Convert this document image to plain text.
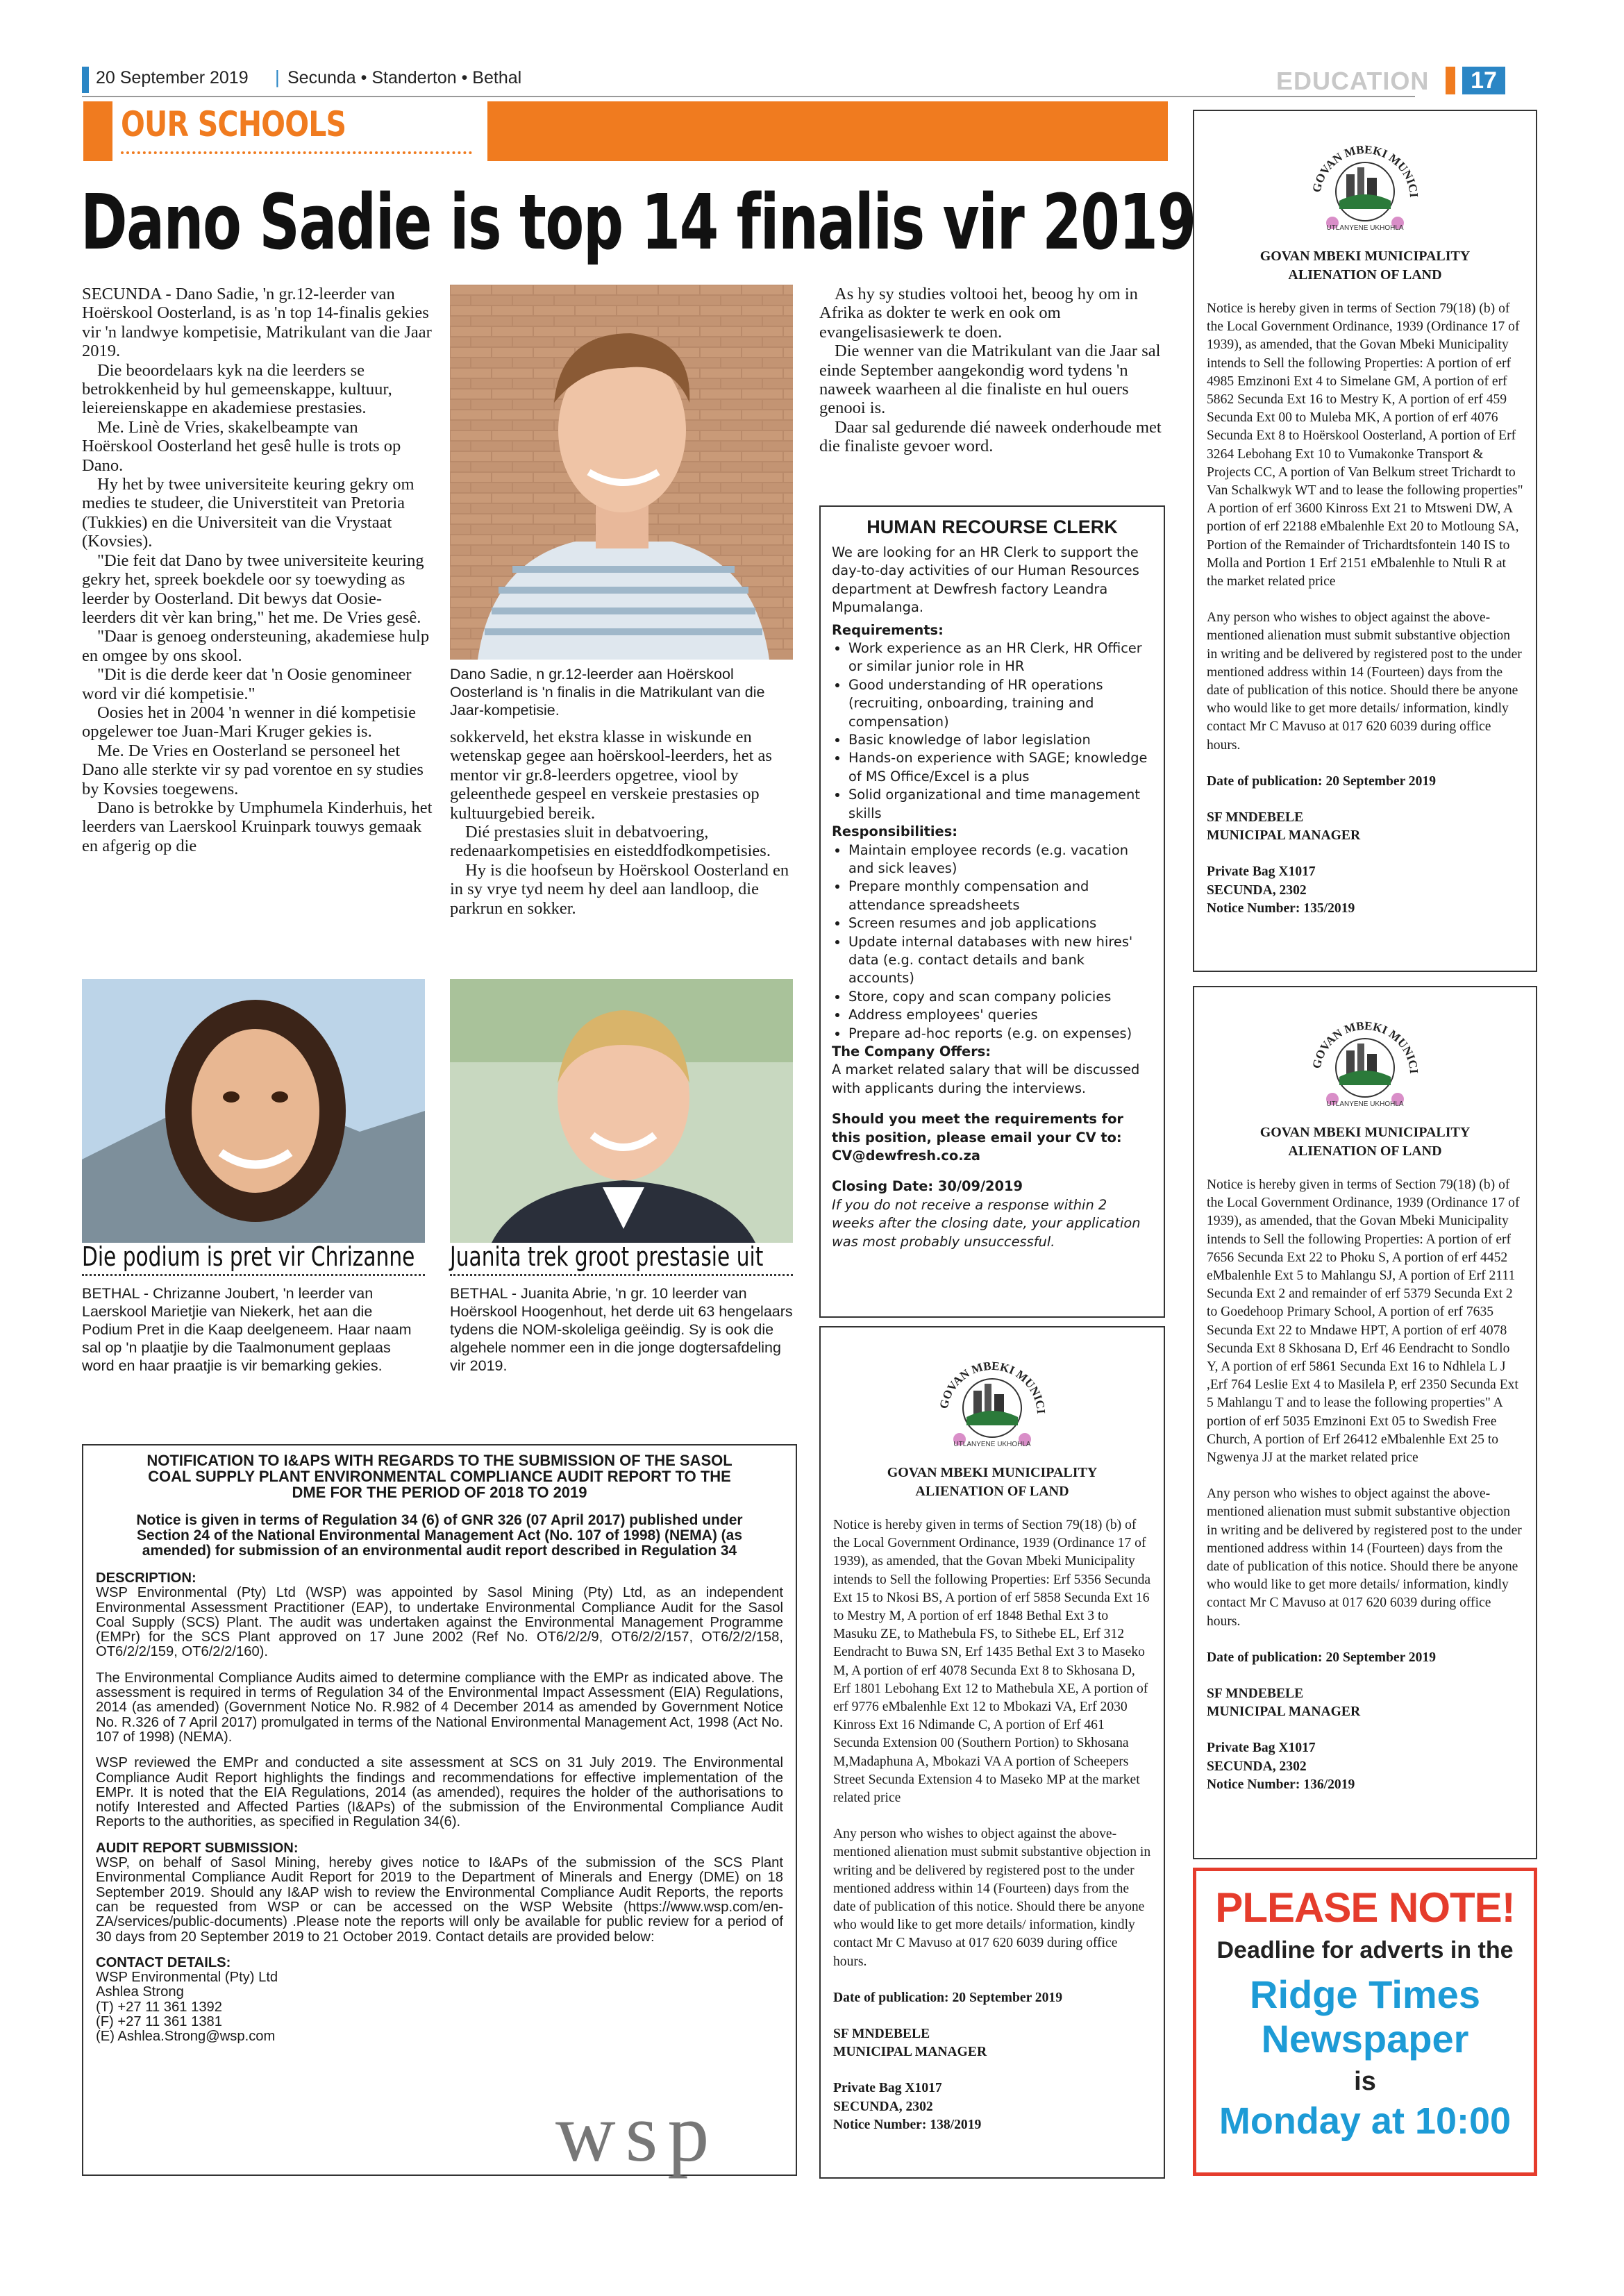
20 September 2019 | Secunda • Standerton • Bethal	EDUCATION	17
OUR SCHOOLS
Dano Sadie is top 14 finalis vir 2019

SECUNDA - Dano Sadie, 'n gr.12-leerder van Hoërskool Oosterland, is as 'n top 14-finalis gekies vir 'n landwye kompetisie, Matrikulant van die Jaar 2019.

Die beoordelaars kyk na die leerders se betrokkenheid by hul gemeenskappe, kultuur, leiereienskappe en akademiese prestasies.

Me. Linè de Vries, skakelbeampte van Hoërskool Oosterland het gesê hulle is trots op Dano.

Hy het by twee universiteite keuring gekry om medies te studeer, die Universtiteit van Pretoria (Tukkies) en die Universiteit van die Vrystaat (Kovsies).

"Die feit dat Dano by twee universiteite keuring gekry het, spreek boekdele oor sy toewyding as leerder by Oosterland. Dit bewys dat Oosie-leerders dit vèr kan bring," het me. De Vries gesê.

"Daar is genoeg ondersteuning, akademiese hulp en omgee by ons skool.

"Dit is die derde keer dat 'n Oosie genomineer word vir dié kompetisie."

Oosies het in 2004 'n wenner in dié kompetisie opgelewer toe Juan-Mari Kruger gekies is.

Me. De Vries en Oosterland se personeel het Dano alle sterkte vir sy pad vorentoe en sy studies by Kovsies toegewens.

Dano is betrokke by Umphumela Kinderhuis, het leerders van Laerskool Kruinpark touwys gemaak en afgerig op die

Dano Sadie, n gr.12-leerder aan Hoërskool Oosterland is 'n finalis in die Matrikulant van die Jaar-kompetisie.

sokkerveld, het ekstra klasse in wiskunde en wetenskap gegee aan hoërskool-leerders, het as mentor vir gr.8-leerders opgetree, viool by geleenthede gespeel en verskeie prestasies op kultuurgebied bereik.

Dié prestasies sluit in debatvoering, redenaarkompetisies en eisteddfodkompetisies.

Hy is die hoofseun by Hoërskool Oosterland en in sy vrye tyd neem hy deel aan landloop, die parkrun en sokker.

As hy sy studies voltooi het, beoog hy om in Afrika as dokter te werk en ook om evangelisasiewerk te doen.

Die wenner van die Matrikulant van die Jaar sal einde September aangekondig word tydens 'n naweek waarheen al die finaliste en hul ouers genooi is.

Daar sal gedurende dié naweek onderhoude met die finaliste gevoer word.

Die podium is pret vir Chrizanne
BETHAL - Chrizanne Joubert, 'n leerder van Laerskool Marietjie van Niekerk, het aan die Podium Pret in die Kaap deelgeneem. Haar naam sal op 'n plaatjie by die Taalmonument geplaas word en haar praatjie is vir bemarking gekies.
Juanita trek groot prestasie uit
BETHAL - Juanita Abrie, 'n gr. 10 leerder van Hoërskool Hoogenhout, het derde uit 63 hengelaars tydens die NOM-skoleliga geëindig. Sy is ook die algehele nommer een in die jonge dogtersafdeling vir 2019.
HUMAN RECOURSE CLERK

We are looking for an HR Clerk to support the day-to-day activities of our Human Resources department at Dewfresh factory Leandra Mpumalanga.

Requirements:

• Work experience as an HR Clerk, HR Officer or similar junior role in HR
• Good understanding of HR operations (recruiting, onboarding, training and compensation)
• Basic knowledge of labor legislation
• Hands-on experience with SAGE; knowledge of MS Office/Excel is a plus
• Solid organizational and time management skills

Responsibilities:

• Maintain employee records (e.g. vacation and sick leaves)
• Prepare monthly compensation and attendance spreadsheets
• Screen resumes and job applications
• Update internal databases with new hires' data (e.g. contact details and bank accounts)
• Store, copy and scan company policies
• Address employees' queries
• Prepare ad-hoc reports (e.g. on expenses)

The Company Offers:

A market related salary that will be discussed with applicants during the interviews.

Should you meet the requirements for this position, please email your CV to: CV@dewfresh.co.za

Closing Date: 30/09/2019

If you do not receive a response within 2 weeks after the closing date, your application was most probably unsuccessful.

GOVAN MBEKI MUNICI
UTLANYENE UKHOHLA
GOVAN MBEKI MUNICIPALITY
ALIENATION OF LAND

Notice is hereby given in terms of Section 79(18) (b) of the Local Government Ordinance, 1939 (Ordinance 17 of 1939), as amended, that the Govan Mbeki Municipality intends to Sell the following Properties: Erf 5356 Secunda Ext 15 to Nkosi BS, A portion of erf 5858 Secunda Ext 16 to Mestry M, A portion of erf 1848 Bethal Ext 3 to Masuku ZE, to Mathebula FS, to Sithebe EL, Erf 312 Eendracht to Buwa SN, Erf 1435 Bethal Ext 3 to Maseko M, A portion of erf 4078 Secunda Ext 8 to Skhosana D, Erf 1801 Lebohang Ext 12 to Mathebula XE, A portion of erf 9776 eMbalenhle Ext 12 to Mbokazi VA, Erf 2030 Kinross Ext 16 Ndimande C, A portion of Erf 461 Secunda Extension 00 (Southern Portion) to Skhosana M,Madaphuna A, Mbokazi VA A portion of Scheepers Street Secunda Extension 4 to Maseko MP at the market related price

Any person who wishes to object against the above-mentioned alienation must submit substantive objection in writing and be delivered by registered post to the under mentioned address within 14 (Fourteen) days from the date of publication of this notice. Should there be anyone who would like to get more details/ information, kindly contact Mr C Mavuso at 017 620 6039 during office hours.

Date of publication: 20 September 2019

SF MNDEBELE

MUNICIPAL MANAGER

Private Bag X1017

SECUNDA, 2302

Notice Number: 138/2019

GOVAN MBEKI MUNICI
UTLANYENE UKHOHLA
GOVAN MBEKI MUNICIPALITY
ALIENATION OF LAND

Notice is hereby given in terms of Section 79(18) (b) of the Local Government Ordinance, 1939 (Ordinance 17 of 1939), as amended, that the Govan Mbeki Municipality intends to Sell the following Properties: A portion of erf 4985 Emzinoni Ext 4 to Simelane GM, A portion of erf 5862 Secunda Ext 16 to Mestry K, A portion of erf 459 Secunda Ext 00 to Muleba MK, A portion of erf 4076 Secunda Ext 8 to Hoërskool Oosterland, A portion of Erf 3264 Lebohang Ext 10 to Vumakonke Transport & Projects CC, A portion of Van Belkum street Trichardt to Van Schalkwyk WT and to lease the following properties" A portion of erf 3600 Kinross Ext 21 to Mtsweni DW, A portion of erf 22188 eMbalenhle Ext 20 to Motloung SA, Portion of the Remainder of Trichardtsfontein 140 IS to Molla and Portion 1 Erf 2151 eMbalenhle to Ntuli R at the market related price

Any person who wishes to object against the above-mentioned alienation must submit substantive objection in writing and be delivered by registered post to the under mentioned address within 14 (Fourteen) days from the date of publication of this notice. Should there be anyone who would like to get more details/ information, kindly contact Mr C Mavuso at 017 620 6039 during office hours.

Date of publication: 20 September 2019

SF MNDEBELE

MUNICIPAL MANAGER

Private Bag X1017

SECUNDA, 2302

Notice Number: 135/2019

GOVAN MBEKI MUNICI
UTLANYENE UKHOHLA
GOVAN MBEKI MUNICIPALITY
ALIENATION OF LAND

Notice is hereby given in terms of Section 79(18) (b) of the Local Government Ordinance, 1939 (Ordinance 17 of 1939), as amended, that the Govan Mbeki Municipality intends to Sell the following Properties: A portion of erf 7656 Secunda Ext 22 to Phoku S, A portion of erf 4452 eMbalenhle Ext 5 to Mahlangu SJ, A portion of Erf 2111 Secunda Ext 2 and remainder of erf 5379 Secunda Ext 2 to Goedehoop Primary School, A portion of erf 7635 Secunda Ext 22 to Mndawe HPT, A portion of erf 4078 Secunda Ext 8 Skhosana D, Erf 46 Eendracht to Sondlo Y, A portion of erf 5861 Secunda Ext 16 to Ndhlela L J ,Erf 764 Leslie Ext 4 to Masilela P, erf 2350 Secunda Ext 5 Mahlangu T and to lease the following properties" A portion of erf 5035 Emzinoni Ext 05 to Swedish Free Church, A portion of Erf 26412 eMbalenhle Ext 25 to Ngwenya JJ at the market related price

Any person who wishes to object against the above-mentioned alienation must submit substantive objection in writing and be delivered by registered post to the under mentioned address within 14 (Fourteen) days from the date of publication of this notice. Should there be anyone who would like to get more details/ information, kindly contact Mr C Mavuso at 017 620 6039 during office hours.

Date of publication: 20 September 2019

SF MNDEBELE

MUNICIPAL MANAGER

Private Bag X1017

SECUNDA, 2302

Notice Number: 136/2019

PLEASE NOTE!
Deadline for adverts in the
Ridge Times
Newspaper
is
Monday at 10:00
NOTIFICATION TO I&APS WITH REGARDS TO THE SUBMISSION OF THE SASOL COAL SUPPLY PLANT ENVIRONMENTAL COMPLIANCE AUDIT REPORT TO THE DME FOR THE PERIOD OF 2018 TO 2019
Notice is given in terms of Regulation 34 (6) of GNR 326 (07 April 2017) published under Section 24 of the National Environmental Management Act (No. 107 of 1998) (NEMA) (as amended) for submission of an environmental audit report described in Regulation 34

DESCRIPTION:

WSP Environmental (Pty) Ltd (WSP) was appointed by Sasol Mining (Pty) Ltd, as an independent Environmental Assessment Practitioner (EAP), to undertake Environmental Compliance Audit for the Sasol Coal Supply (SCS) Plant. The audit was undertaken against the Environmental Management Programme (EMPr) for the SCS Plant approved on 17 June 2002 (Ref No. OT6/2/2/9, OT6/2/2/157, OT6/2/2/158, OT6/2/2/159, OT6/2/2/160).

The Environmental Compliance Audits aimed to determine compliance with the EMPr as indicated above. The assessment is required in terms of Regulation 34 of the Environmental Impact Assessment (EIA) Regulations, 2014 (as amended) (Government Notice No. R.982 of 4 December 2014 as amended by Government Notice No. R.326 of 7 April 2017) promulgated in terms of the National Environmental Management Act, 1998 (Act No. 107 of 1998) (NEMA).

WSP reviewed the EMPr and conducted a site assessment at SCS on 31 July 2019. The Environmental Compliance Audit Report highlights the findings and recommendations for effective implementation of the EMPr. It is noted that the EIA Regulations, 2014 (as amended), requires the holder of the authorisations to notify Interested and Affected Parties (I&APs) of the submission of the Environmental Compliance Audit Reports to the authorities, as specified in Regulation 34(6).

AUDIT REPORT SUBMISSION:

WSP, on behalf of Sasol Mining, hereby gives notice to I&APs of the submission of the SCS Plant Environmental Compliance Audit Report for 2019 to the Department of Minerals and Energy (DME) on 18 September 2019. Should any I&AP wish to review the Environmental Compliance Audit Reports, the reports can be requested from WSP or can be accessed on the WSP Website (https://www.wsp.com/en-ZA/services/public-documents) .Please note the reports will only be available for public review for a period of 30 days from 20 September 2019 to 21 October 2019. Contact details are provided below:

CONTACT DETAILS:

WSP Environmental (Pty) Ltd

Ashlea Strong

(T) +27 11 361 1392

(F) +27 11 361 1381

(E) Ashlea.Strong@wsp.com

wsp
